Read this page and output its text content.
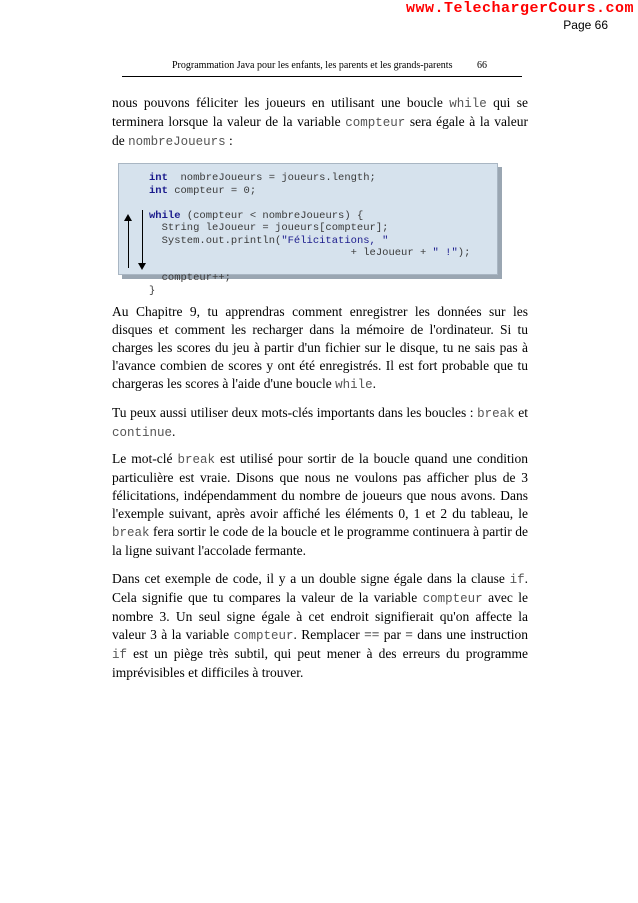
www.TelechargerCours.com
Page 66
Programmation Java pour les enfants, les parents et les grands-parents 66

nous pouvons féliciter les joueurs en utilisant une boucle while qui se terminera lorsque la valeur de la variable compteur sera égale à la valeur de nombreJoueurs :

int  nombreJoueurs = joueurs.length;
int compteur = 0;

while (compteur < nombreJoueurs) {
String leJoueur = joueurs[compteur];
System.out.println("Félicitations, "
+ leJoueur + " !");

compteur++;
}

Au Chapitre 9, tu apprendras comment enregistrer les données sur les disques et comment les recharger dans la mémoire de l'ordinateur. Si tu charges les scores du jeu à partir d'un fichier sur le disque, tu ne sais pas à l'avance combien de scores y ont été enregistrés. Il est fort probable que tu chargeras les scores à l'aide d'une boucle while.

Tu peux aussi utiliser deux mots-clés importants dans les boucles : break et continue.

Le mot-clé break est utilisé pour sortir de la boucle quand une condition particulière est vraie. Disons que nous ne voulons pas afficher plus de 3 félicitations, indépendamment du nombre de joueurs que nous avons. Dans l'exemple suivant, après avoir affiché les éléments 0, 1 et 2 du tableau, le break fera sortir le code de la boucle et le programme continuera à partir de la ligne suivant l'accolade fermante.

Dans cet exemple de code, il y a un double signe égale dans la clause if. Cela signifie que tu compares la valeur de la variable compteur avec le nombre 3. Un seul signe égale à cet endroit signifierait qu'on affecte la valeur 3 à la variable compteur. Remplacer == par = dans une instruction if est un piège très subtil, qui peut mener à des erreurs du programme imprévisibles et difficiles à trouver.
